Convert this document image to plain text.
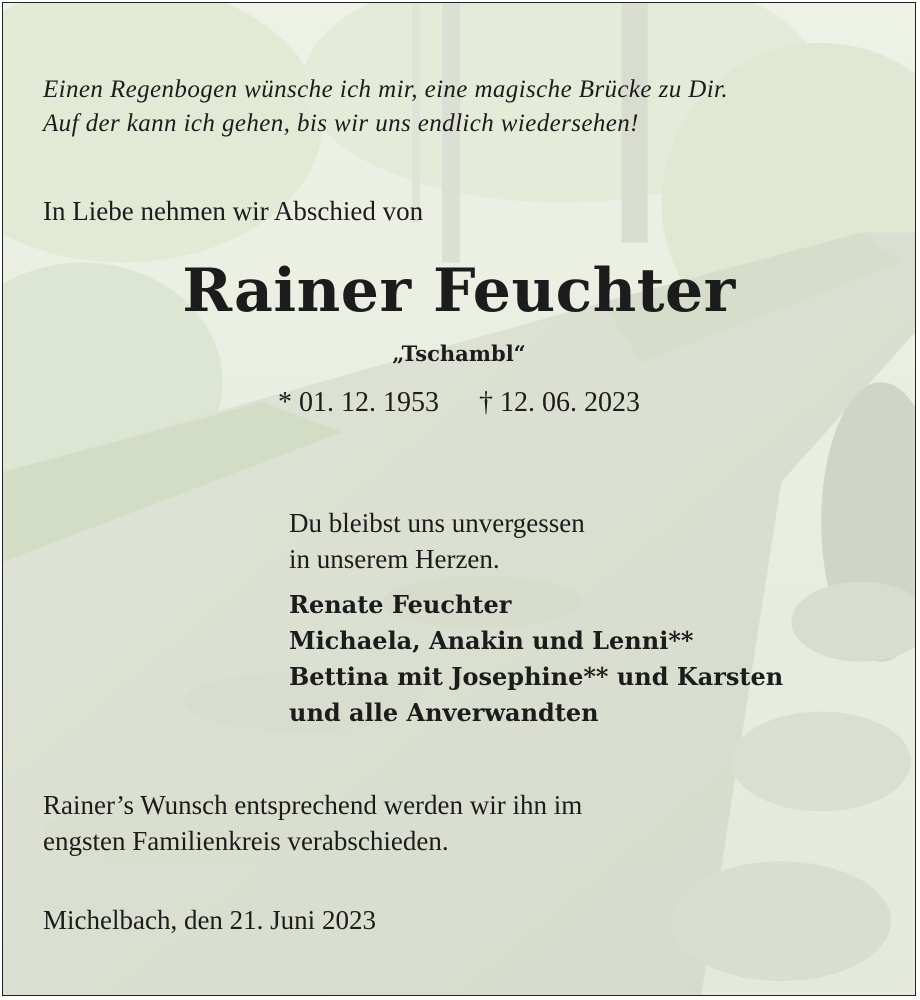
Einen Regenbogen wünsche ich mir, eine magische Brücke zu Dir.
Auf der kann ich gehen, bis wir uns endlich wiedersehen!
In Liebe nehmen wir Abschied von
Rainer Feuchter
„Tschambl“
* 01. 12. 1953 † 12. 06. 2023
Du bleibst uns unvergessen
in unserem Herzen.
Renate Feuchter
Michaela, Anakin und Lenni**
Bettina mit Josephine** und Karsten
und alle Anverwandten
Rainer’s Wunsch entsprechend werden wir ihn im
engsten Familienkreis verabschieden.
Michelbach, den 21. Juni 2023
